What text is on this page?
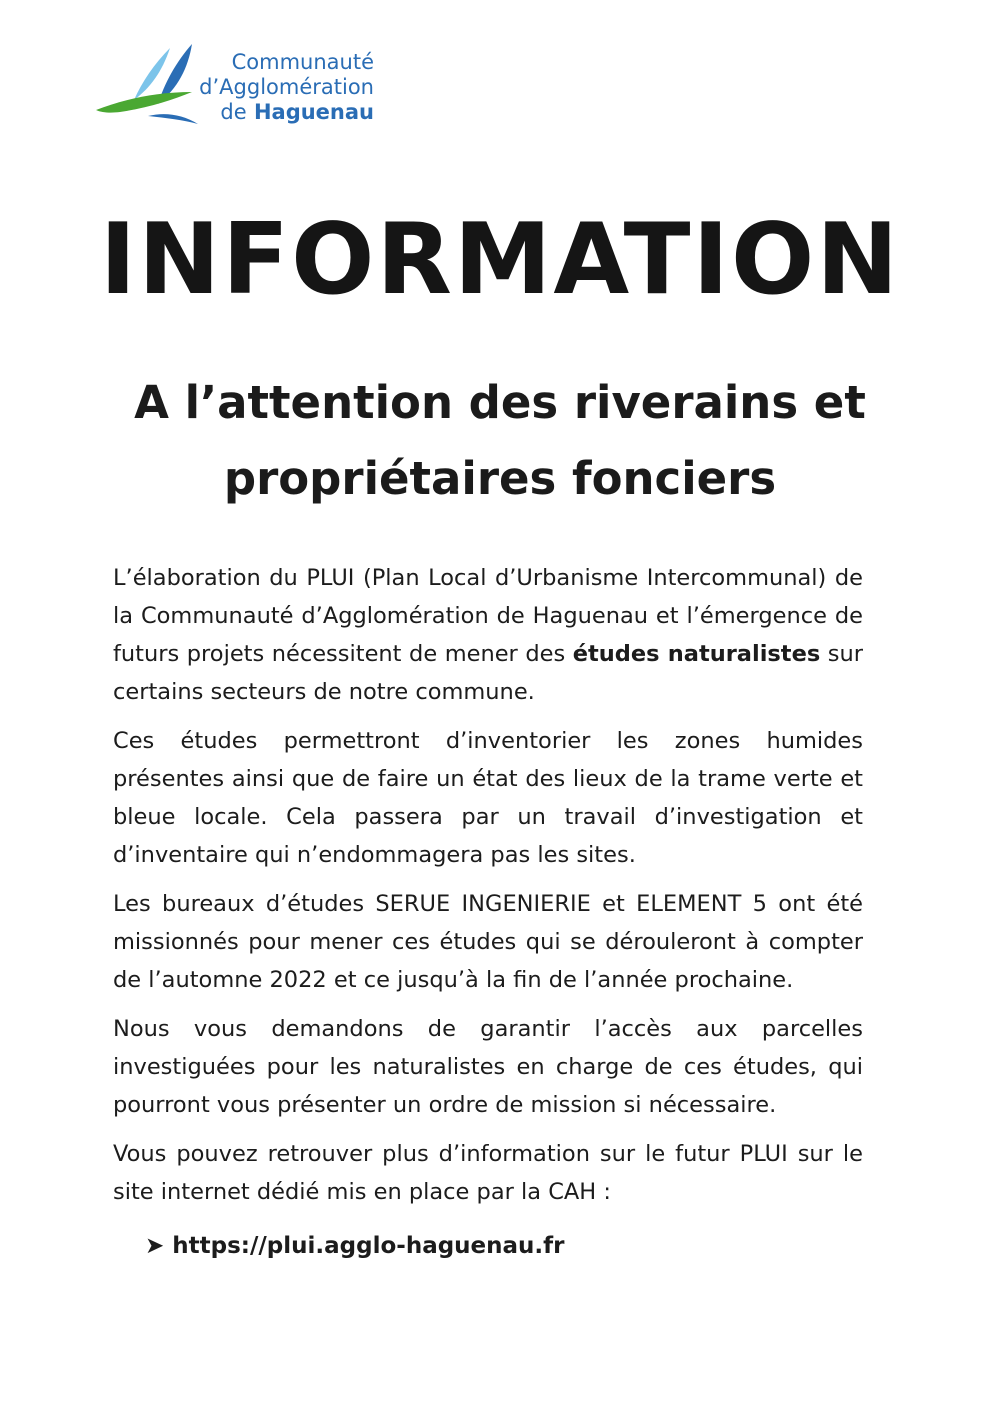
Communauté
d’Agglomération
de Haguenau
INFORMATION
A l’attention des riverains et
propriétaires fonciers

L’élaboration du PLUI (Plan Local d’Urbanisme Intercommunal) de la Communauté d’Agglomération de Haguenau et l’émergence de futurs projets nécessitent de mener des études naturalistes sur certains secteurs de notre commune.

Ces études permettront d’inventorier les zones humides présentes ainsi que de faire un état des lieux de la trame verte et bleue locale. Cela passera par un travail d’investigation et d’inventaire qui n’endommagera pas les sites.

Les bureaux d’études SERUE INGENIERIE et ELEMENT 5 ont été missionnés pour mener ces études qui se dérouleront à compter de l’automne 2022 et ce jusqu’à la fin de l’année prochaine.

Nous vous demandons de garantir l’accès aux parcelles investiguées pour les naturalistes en charge de ces études, qui pourront vous présenter un ordre de mission si nécessaire.

Vous pouvez retrouver plus d’information sur le futur PLUI sur le site internet dédié mis en place par la CAH :

➤ https://plui.agglo-haguenau.fr
